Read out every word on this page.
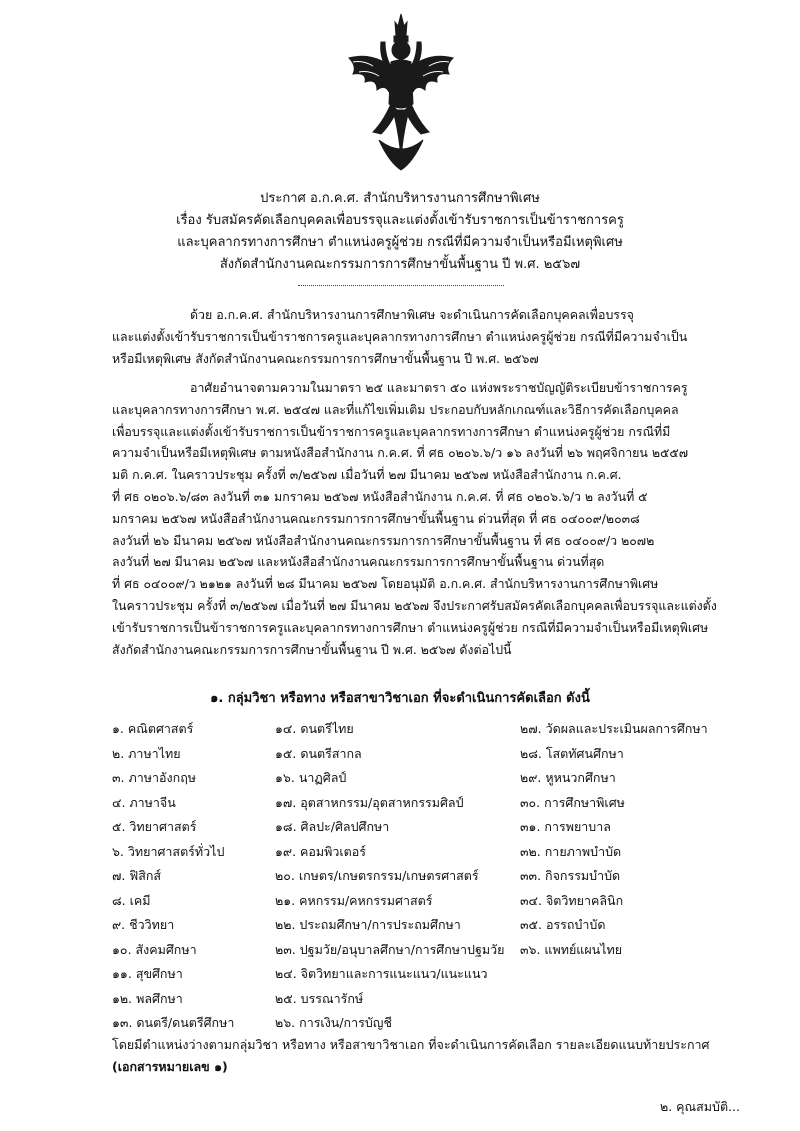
ประกาศ อ.ก.ค.ศ. สำนักบริหารงานการศึกษาพิเศษ
เรื่อง รับสมัครคัดเลือกบุคคลเพื่อบรรจุและแต่งตั้งเข้ารับราชการเป็นข้าราชการครู
และบุคลากรทางการศึกษา ตำแหน่งครูผู้ช่วย กรณีที่มีความจำเป็นหรือมีเหตุพิเศษ
สังกัดสำนักงานคณะกรรมการการศึกษาขั้นพื้นฐาน ปี พ.ศ. ๒๕๖๗
ด้วย อ.ก.ค.ศ. สำนักบริหารงานการศึกษาพิเศษ จะดำเนินการคัดเลือกบุคคลเพื่อบรรจุ
และแต่งตั้งเข้ารับราชการเป็นข้าราชการครูและบุคลากรทางการศึกษา ตำแหน่งครูผู้ช่วย กรณีที่มีความจำเป็น
หรือมีเหตุพิเศษ สังกัดสำนักงานคณะกรรมการการศึกษาขั้นพื้นฐาน ปี พ.ศ. ๒๕๖๗
อาศัยอำนาจตามความในมาตรา ๒๕ และมาตรา ๕๐ แห่งพระราชบัญญัติระเบียบข้าราชการครู
และบุคลากรทางการศึกษา พ.ศ. ๒๕๔๗ และที่แก้ไขเพิ่มเติม ประกอบกับหลักเกณฑ์และวิธีการคัดเลือกบุคคล
เพื่อบรรจุและแต่งตั้งเข้ารับราชการเป็นข้าราชการครูและบุคลากรทางการศึกษา ตำแหน่งครูผู้ช่วย กรณีที่มี
ความจำเป็นหรือมีเหตุพิเศษ ตามหนังสือสำนักงาน ก.ค.ศ. ที่ ศธ ๐๒๐๖.๖/ว ๑๖ ลงวันที่ ๒๖ พฤศจิกายน ๒๕๕๗
มติ ก.ค.ศ. ในคราวประชุม ครั้งที่ ๓/๒๕๖๗ เมื่อวันที่ ๒๗ มีนาคม ๒๕๖๗ หนังสือสำนักงาน ก.ค.ศ.
ที่ ศธ ๐๒๐๖.๖/๘๓ ลงวันที่ ๓๑ มกราคม ๒๕๖๗ หนังสือสำนักงาน ก.ค.ศ. ที่ ศธ ๐๒๐๖.๖/ว ๒ ลงวันที่ ๕
มกราคม ๒๕๖๗ หนังสือสำนักงานคณะกรรมการการศึกษาขั้นพื้นฐาน ด่วนที่สุด ที่ ศธ ๐๔๐๐๙/๒๐๓๘
ลงวันที่ ๒๖ มีนาคม ๒๕๖๗ หนังสือสำนักงานคณะกรรมการการศึกษาขั้นพื้นฐาน ที่ ศธ ๐๔๐๐๙/ว ๒๐๗๒
ลงวันที่ ๒๗ มีนาคม ๒๕๖๗ และหนังสือสำนักงานคณะกรรมการการศึกษาขั้นพื้นฐาน ด่วนที่สุด
ที่ ศธ ๐๔๐๐๙/ว ๒๑๒๑ ลงวันที่ ๒๘ มีนาคม ๒๕๖๗ โดยอนุมัติ อ.ก.ค.ศ. สำนักบริหารงานการศึกษาพิเศษ
ในคราวประชุม ครั้งที่ ๓/๒๕๖๗ เมื่อวันที่ ๒๗ มีนาคม ๒๕๖๗ จึงประกาศรับสมัครคัดเลือกบุคคลเพื่อบรรจุและแต่งตั้ง
เข้ารับราชการเป็นข้าราชการครูและบุคลากรทางการศึกษา ตำแหน่งครูผู้ช่วย กรณีที่มีความจำเป็นหรือมีเหตุพิเศษ
สังกัดสำนักงานคณะกรรมการการศึกษาขั้นพื้นฐาน ปี พ.ศ. ๒๕๖๗ ดังต่อไปนี้
๑. กลุ่มวิชา หรือทาง หรือสาขาวิชาเอก ที่จะดำเนินการคัดเลือก ดังนี้
๑. คณิตศาสตร์
๒. ภาษาไทย
๓. ภาษาอังกฤษ
๔. ภาษาจีน
๕. วิทยาศาสตร์
๖. วิทยาศาสตร์ทั่วไป
๗. ฟิสิกส์
๘. เคมี
๙. ชีววิทยา
๑๐. สังคมศึกษา
๑๑. สุขศึกษา
๑๒. พลศึกษา
๑๓. ดนตรี/ดนตรีศึกษา
๑๔. ดนตรีไทย
๑๕. ดนตรีสากล
๑๖. นาฏศิลป์
๑๗. อุตสาหกรรม/อุตสาหกรรมศิลป์
๑๘. ศิลปะ/ศิลปศึกษา
๑๙. คอมพิวเตอร์
๒๐. เกษตร/เกษตรกรรม/เกษตรศาสตร์
๒๑. คหกรรม/คหกรรมศาสตร์
๒๒. ประถมศึกษา/การประถมศึกษา
๒๓. ปฐมวัย/อนุบาลศึกษา/การศึกษาปฐมวัย
๒๔. จิตวิทยาและการแนะแนว/แนะแนว
๒๕. บรรณารักษ์
๒๖. การเงิน/การบัญชี
๒๗. วัดผลและประเมินผลการศึกษา
๒๘. โสตทัศนศึกษา
๒๙. หูหนวกศึกษา
๓๐. การศึกษาพิเศษ
๓๑. การพยาบาล
๓๒. กายภาพบำบัด
๓๓. กิจกรรมบำบัด
๓๔. จิตวิทยาคลินิก
๓๕. อรรถบำบัด
๓๖. แพทย์แผนไทย
โดยมีตำแหน่งว่างตามกลุ่มวิชา หรือทาง หรือสาขาวิชาเอก ที่จะดำเนินการคัดเลือก รายละเอียดแนบท้ายประกาศ
(เอกสารหมายเลข ๑)
๒. คุณสมบัติ...
